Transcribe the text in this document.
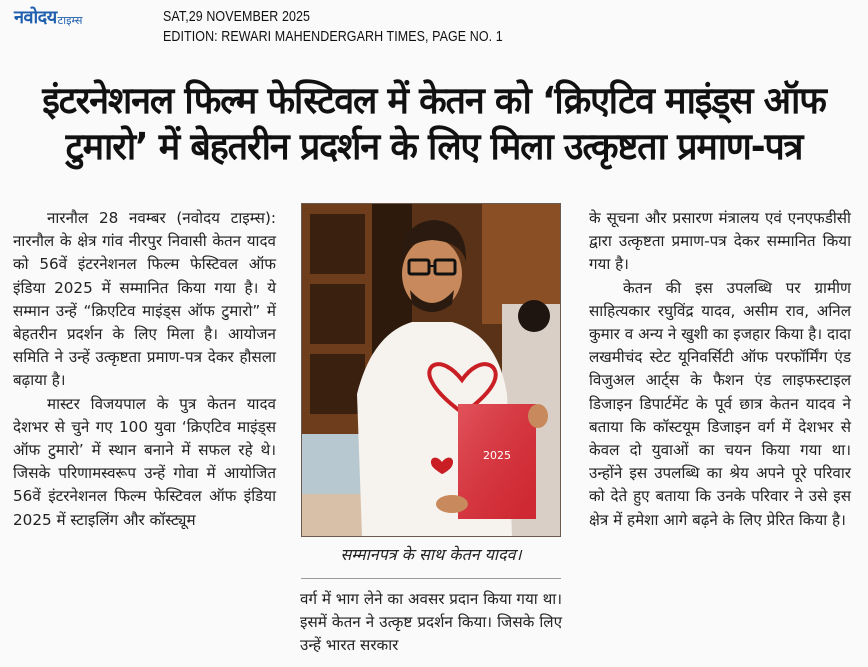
नवोदय टाइम्स	SAT,29 NOVEMBER 2025
EDITION: REWARI MAHENDERGARH TIMES, PAGE NO. 1
इंटरनेशनल फिल्म फेस्टिवल में केतन को ‘क्रिएटिव माइंड्स ऑफ
टुमारो’ में बेहतरीन प्रदर्शन के लिए मिला उत्कृष्टता प्रमाण-पत्र

नारनौल 28 नवम्बर (नवोदय टाइम्स): नारनौल के क्षेत्र गांव नीरपुर निवासी केतन यादव को 56वें इंटरनेशनल फिल्म फेस्टिवल ऑफ इंडिया 2025 में सम्मानित किया गया है। ये सम्मान उन्हें “क्रिएटिव माइंड्स ऑफ टुमारो” में बेहतरीन प्रदर्शन के लिए मिला है। आयोजन समिति ने उन्हें उत्कृष्टता प्रमाण-पत्र देकर हौसला बढ़ाया है।

मास्टर विजयपाल के पुत्र केतन यादव देशभर से चुने गए 100 युवा ‘क्रिएटिव माइंड्स ऑफ टुमारो’ में स्थान बनाने में सफल रहे थे। जिसके परिणामस्वरूप उन्हें गोवा में आयोजित 56वें इंटरनेशनल फिल्म फेस्टिवल ऑफ इंडिया 2025 में स्टाइलिंग और कॉस्ट्यूम

2025
सम्मानपत्र के साथ केतन यादव।

वर्ग में भाग लेने का अवसर प्रदान किया गया था। इसमें केतन ने उत्कृष्ट प्रदर्शन किया। जिसके लिए उन्हें भारत सरकार

के सूचना और प्रसारण मंत्रालय एवं एनएफडीसी द्वारा उत्कृष्टता प्रमाण-पत्र देकर सम्मानित किया गया है।

केतन की इस उपलब्धि पर ग्रामीण साहित्यकार रघुविंद्र यादव, असीम राव, अनिल कुमार व अन्य ने खुशी का इजहार किया है। दादा लखमीचंद स्टेट यूनिवर्सिटी ऑफ परफॉर्मिंग एंड विजुअल आर्ट्स के फैशन एंड लाइफस्टाइल डिजाइन डिपार्टमेंट के पूर्व छात्र केतन यादव ने बताया कि कॉस्टयूम डिजाइन वर्ग में देशभर से केवल दो युवाओं का चयन किया गया था। उन्होंने इस उपलब्धि का श्रेय अपने पूरे परिवार को देते हुए बताया कि उनके परिवार ने उसे इस क्षेत्र में हमेशा आगे बढ़ने के लिए प्रेरित किया है।
